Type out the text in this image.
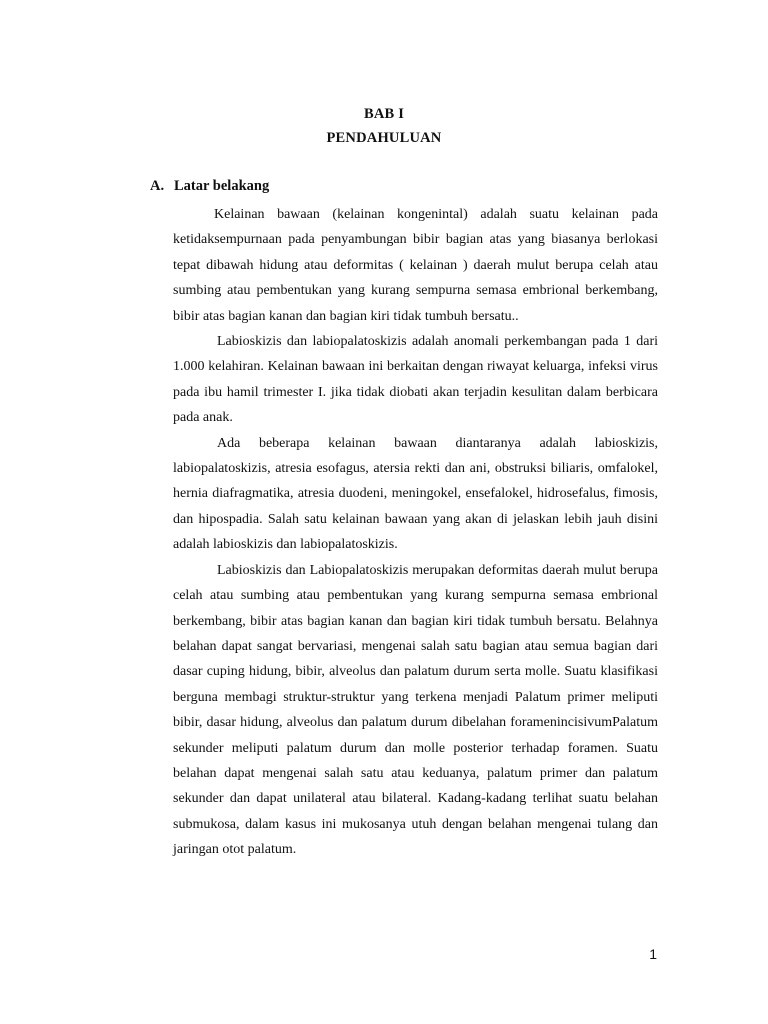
BAB I
PENDAHULUAN
A. Latar belakang

Kelainan bawaan (kelainan kongenintal) adalah suatu kelainan pada ketidaksempurnaan pada penyambungan bibir bagian atas yang biasanya berlokasi tepat dibawah hidung atau deformitas ( kelainan ) daerah mulut berupa celah atau sumbing atau pembentukan yang kurang sempurna semasa embrional berkembang, bibir atas bagian kanan dan bagian kiri tidak tumbuh bersatu..

Labioskizis dan labiopalatoskizis adalah anomali perkembangan pada 1 dari 1.000 kelahiran. Kelainan bawaan ini berkaitan dengan riwayat keluarga, infeksi virus pada ibu hamil trimester I. jika tidak diobati akan terjadin kesulitan dalam berbicara pada anak.

Ada beberapa kelainan bawaan diantaranya adalah labioskizis, labiopalatoskizis, atresia esofagus, atersia rekti dan ani, obstruksi biliaris, omfalokel, hernia diafragmatika, atresia duodeni, meningokel, ensefalokel, hidrosefalus, fimosis, dan hipospadia. Salah satu kelainan bawaan yang akan di jelaskan lebih jauh disini adalah labioskizis dan labiopalatoskizis.

Labioskizis dan Labiopalatoskizis merupakan deformitas daerah mulut berupa celah atau sumbing atau pembentukan yang kurang sempurna semasa embrional berkembang, bibir atas bagian kanan dan bagian kiri tidak tumbuh bersatu. Belahnya belahan dapat sangat bervariasi, mengenai salah satu bagian atau semua bagian dari dasar cuping hidung, bibir, alveolus dan palatum durum serta molle. Suatu klasifikasi berguna membagi struktur-struktur yang terkena menjadi Palatum primer meliputi bibir, dasar hidung, alveolus dan palatum durum dibelahan foramenincisivumPalatum sekunder meliputi palatum durum dan molle posterior terhadap foramen. Suatu belahan dapat mengenai salah satu atau keduanya, palatum primer dan palatum sekunder dan dapat unilateral atau bilateral. Kadang-kadang terlihat suatu belahan submukosa, dalam kasus ini mukosanya utuh dengan belahan mengenai tulang dan jaringan otot palatum.

1
